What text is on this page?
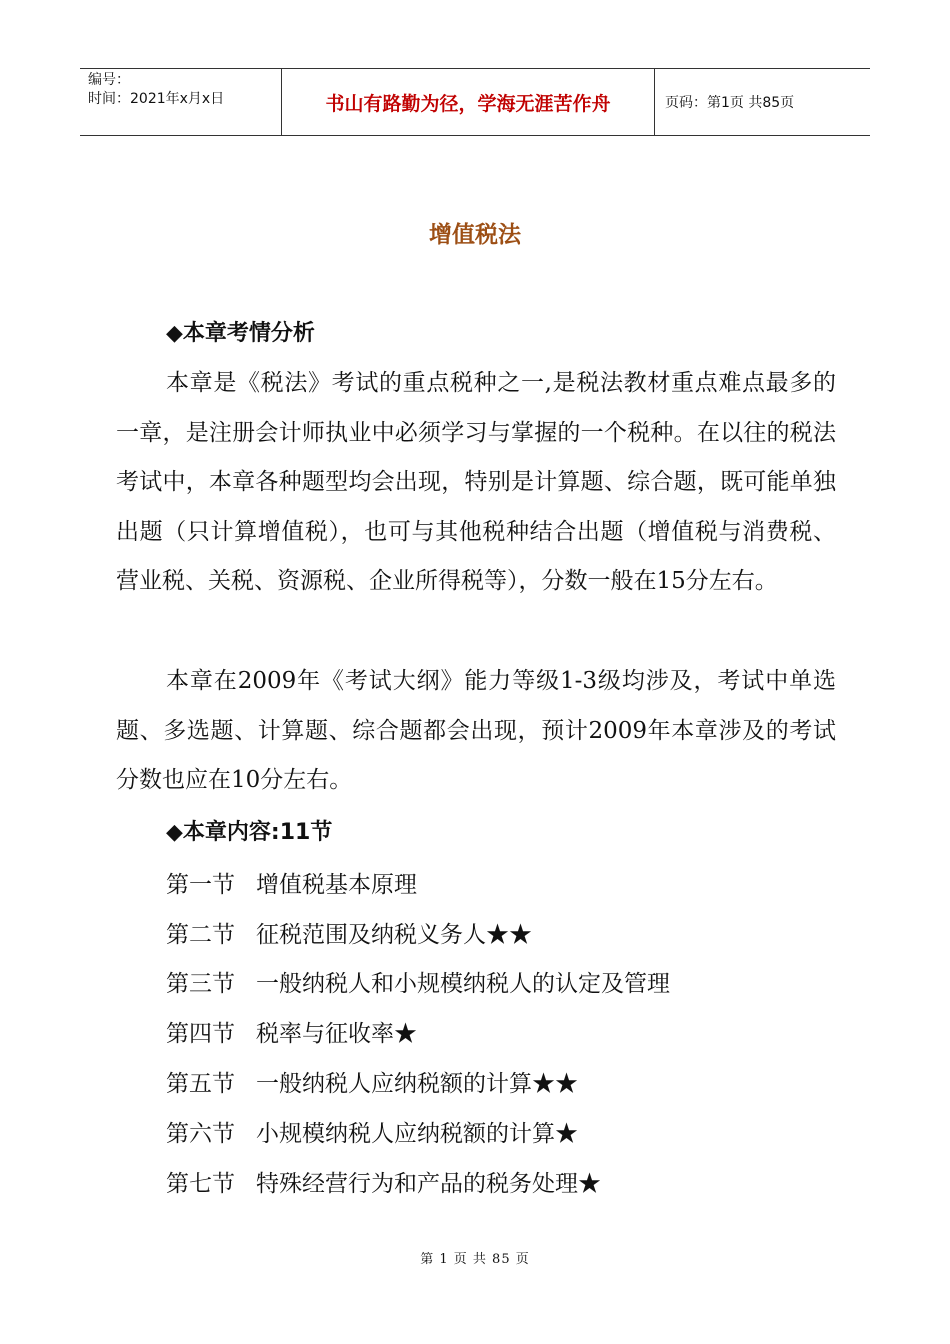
编号：
时间：2021年x月x日	书山有路勤为径，学海无涯苦作舟	页码：第1页 共85页
增值税法
◆本章考情分析

本章是《税法》考试的重点税种之一,是税法教材重点难点最多的一章，是注册会计师执业中必须学习与掌握的一个税种。在以往的税法考试中，本章各种题型均会出现，特别是计算题、综合题，既可能单独出题（只计算增值税），也可与其他税种结合出题（增值税与消费税、营业税、关税、资源税、企业所得税等），分数一般在15分左右。

本章在2009年《考试大纲》能力等级1-3级均涉及，考试中单选题、多选题、计算题、综合题都会出现，预计2009年本章涉及的考试分数也应在10分左右。

◆本章内容:11节
第一节 增值税基本原理
第二节 征税范围及纳税义务人★★
第三节 一般纳税人和小规模纳税人的认定及管理
第四节 税率与征收率★
第五节 一般纳税人应纳税额的计算★★
第六节 小规模纳税人应纳税额的计算★
第七节 特殊经营行为和产品的税务处理★
第 1 页 共 85 页
